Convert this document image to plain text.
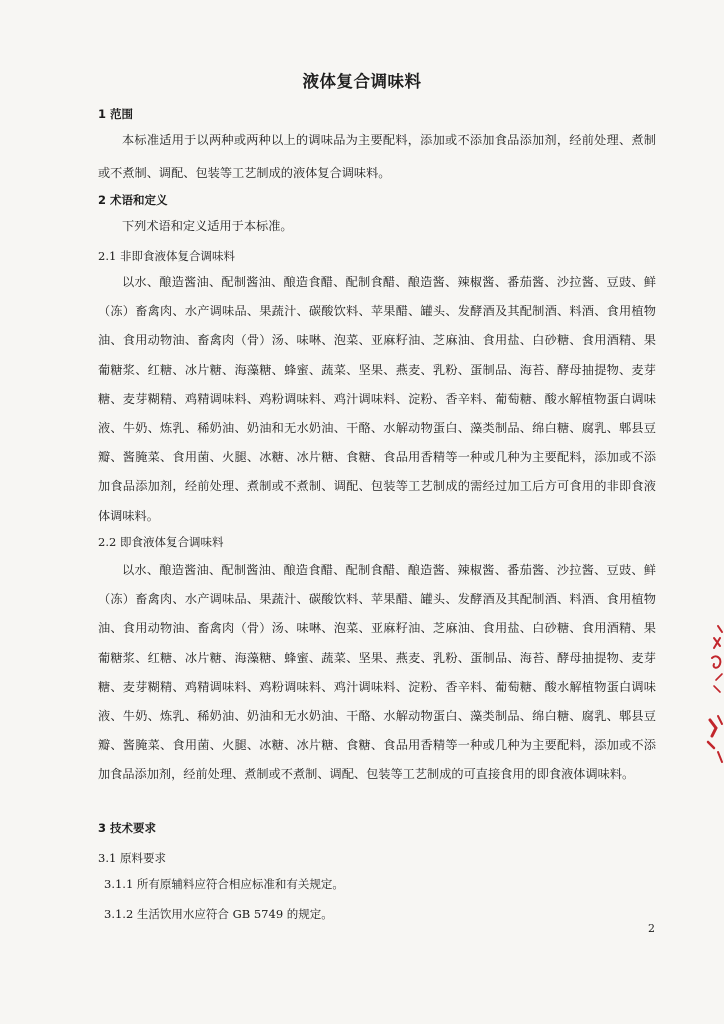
液体复合调味料
1 范围
本标准适用于以两种或两种以上的调味品为主要配料，添加或不添加食品添加剂，经前处理、煮制或不煮制、调配、包装等工艺制成的液体复合调味料。
2 术语和定义
下列术语和定义适用于本标准。
2.1 非即食液体复合调味料
以水、酿造酱油、配制酱油、酿造食醋、配制食醋、酿造酱、辣椒酱、番茄酱、沙拉酱、豆豉、鲜（冻）畜禽肉、水产调味品、果蔬汁、碳酸饮料、苹果醋、罐头、发酵酒及其配制酒、料酒、食用植物油、食用动物油、畜禽肉（骨）汤、味啉、泡菜、亚麻籽油、芝麻油、食用盐、白砂糖、食用酒精、果葡糖浆、红糖、冰片糖、海藻糖、蜂蜜、蔬菜、坚果、燕麦、乳粉、蛋制品、海苔、酵母抽提物、麦芽糖、麦芽糊精、鸡精调味料、鸡粉调味料、鸡汁调味料、淀粉、香辛料、葡萄糖、酸水解植物蛋白调味液、牛奶、炼乳、稀奶油、奶油和无水奶油、干酪、水解动物蛋白、藻类制品、绵白糖、腐乳、郫县豆瓣、酱腌菜、食用菌、火腿、冰糖、冰片糖、食糖、食品用香精等一种或几种为主要配料，添加或不添加食品添加剂，经前处理、煮制或不煮制、调配、包装等工艺制成的需经过加工后方可食用的非即食液体调味料。
2.2 即食液体复合调味料
以水、酿造酱油、配制酱油、酿造食醋、配制食醋、酿造酱、辣椒酱、番茄酱、沙拉酱、豆豉、鲜（冻）畜禽肉、水产调味品、果蔬汁、碳酸饮料、苹果醋、罐头、发酵酒及其配制酒、料酒、食用植物油、食用动物油、畜禽肉（骨）汤、味啉、泡菜、亚麻籽油、芝麻油、食用盐、白砂糖、食用酒精、果葡糖浆、红糖、冰片糖、海藻糖、蜂蜜、蔬菜、坚果、燕麦、乳粉、蛋制品、海苔、酵母抽提物、麦芽糖、麦芽糊精、鸡精调味料、鸡粉调味料、鸡汁调味料、淀粉、香辛料、葡萄糖、酸水解植物蛋白调味液、牛奶、炼乳、稀奶油、奶油和无水奶油、干酪、水解动物蛋白、藻类制品、绵白糖、腐乳、郫县豆瓣、酱腌菜、食用菌、火腿、冰糖、冰片糖、食糖、食品用香精等一种或几种为主要配料，添加或不添加食品添加剂，经前处理、煮制或不煮制、调配、包装等工艺制成的可直接食用的即食液体调味料。
3 技术要求
3.1 原料要求
3.1.1 所有原辅料应符合相应标准和有关规定。
3.1.2 生活饮用水应符合 GB 5749 的规定。
2
